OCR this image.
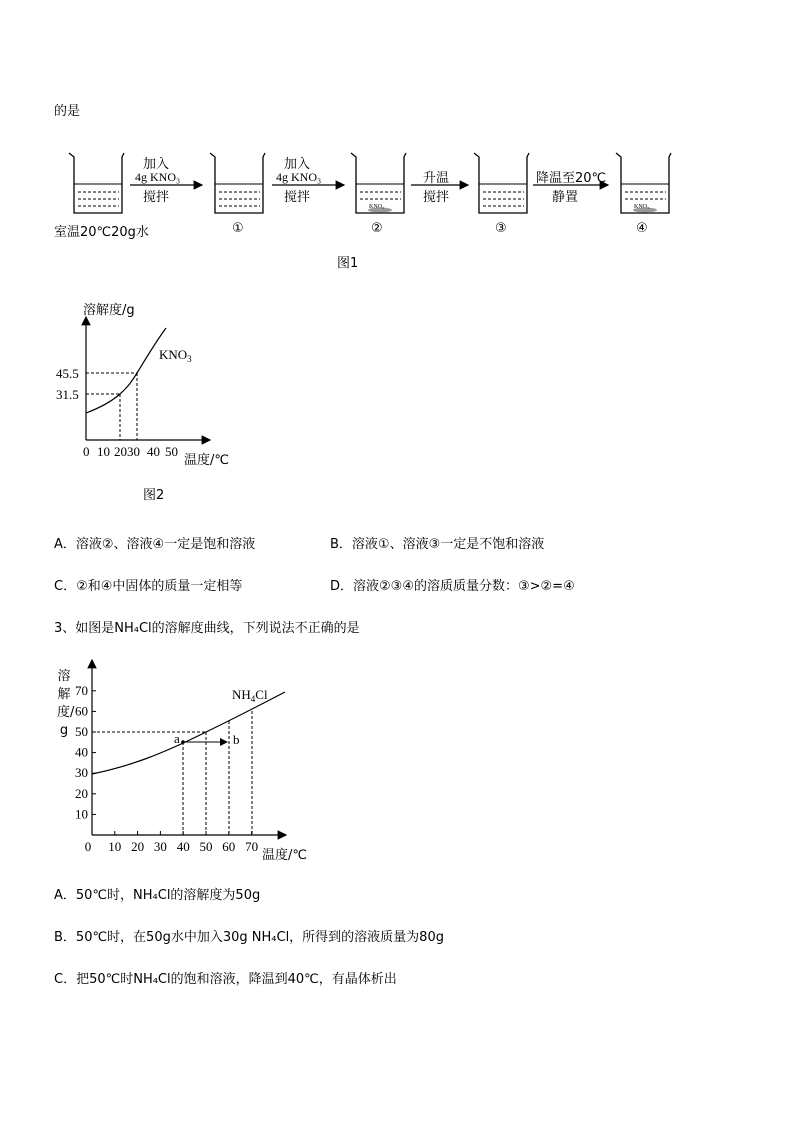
的是
加入
4g KNO₃
搅拌
加入
4g KNO₃
搅拌
升温
搅拌
降温至20℃
静置
KNO₃	KNO₃
室温20℃20g水	①	②	③	④
图1
溶解度/g
$KNO_3$
45.5
31.5
0 10 2030 40 50
温度/℃
图2
A．溶液②、溶液④一定是饱和溶液	B．溶液①、溶液③一定是不饱和溶液
C．②和④中固体的质量一定相等	D．溶液②③④的溶质质量分数：③>②=④
3、如图是NH₄Cl的溶解度曲线，下列说法不正确的是
溶解度/g
10
20
30
40
50
60
70
0 10 20 30 40 50 60 70
a	b
$NH_4Cl$
温度/℃
A．50℃时，NH₄Cl的溶解度为50g
B．50℃时，在50g水中加入30g NH₄Cl，所得到的溶液质量为80g
C．把50℃时NH₄Cl的饱和溶液，降温到40℃，有晶体析出
